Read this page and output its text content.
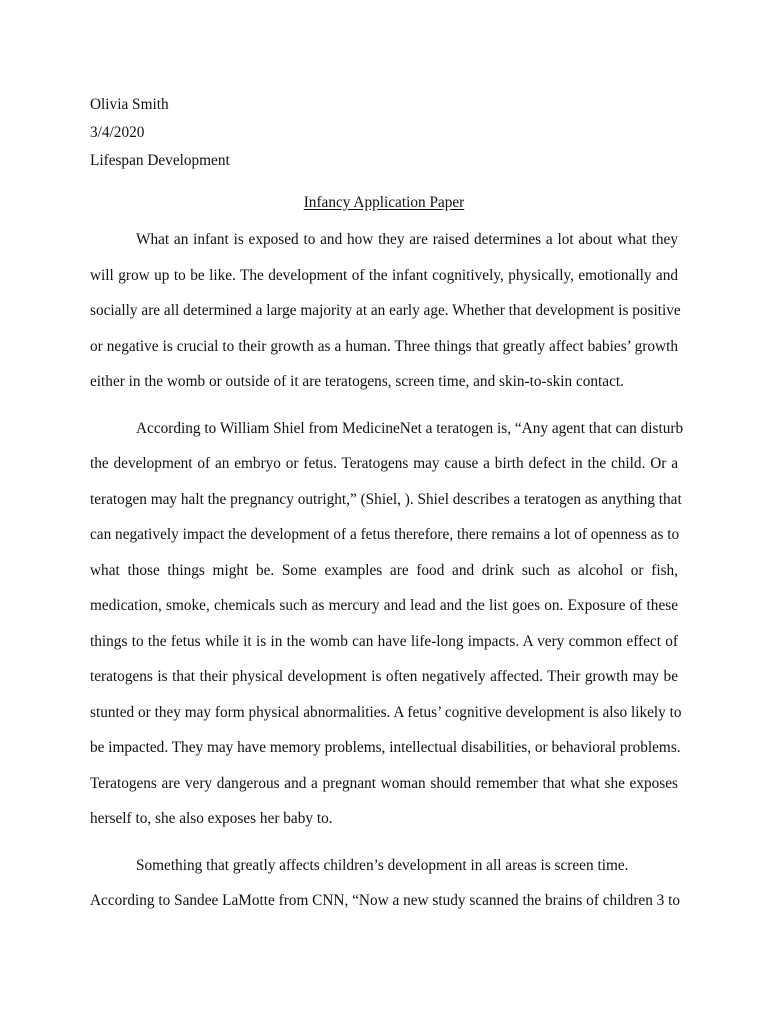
Olivia Smith

3/4/2020

Lifespan Development

Infancy Application Paper

What an infant is exposed to and how they are raised determines a lot about what they
will grow up to be like. The development of the infant cognitively, physically, emotionally and
socially are all determined a large majority at an early age. Whether that development is positive
or negative is crucial to their growth as a human. Three things that greatly affect babies’ growth
either in the womb or outside of it are teratogens, screen time, and skin-to-skin contact.

According to William Shiel from MedicineNet a teratogen is, “Any agent that can disturb
the development of an embryo or fetus. Teratogens may cause a birth defect in the child. Or a
teratogen may halt the pregnancy outright,” (Shiel, ). Shiel describes a teratogen as anything that
can negatively impact the development of a fetus therefore, there remains a lot of openness as to
what those things might be. Some examples are food and drink such as alcohol or fish,
medication, smoke, chemicals such as mercury and lead and the list goes on. Exposure of these
things to the fetus while it is in the womb can have life-long impacts. A very common effect of
teratogens is that their physical development is often negatively affected. Their growth may be
stunted or they may form physical abnormalities. A fetus’ cognitive development is also likely to
be impacted. They may have memory problems, intellectual disabilities, or behavioral problems.
Teratogens are very dangerous and a pregnant woman should remember that what she exposes
herself to, she also exposes her baby to.

Something that greatly affects children’s development in all areas is screen time.
According to Sandee LaMotte from CNN, “Now a new study scanned the brains of children 3 to
